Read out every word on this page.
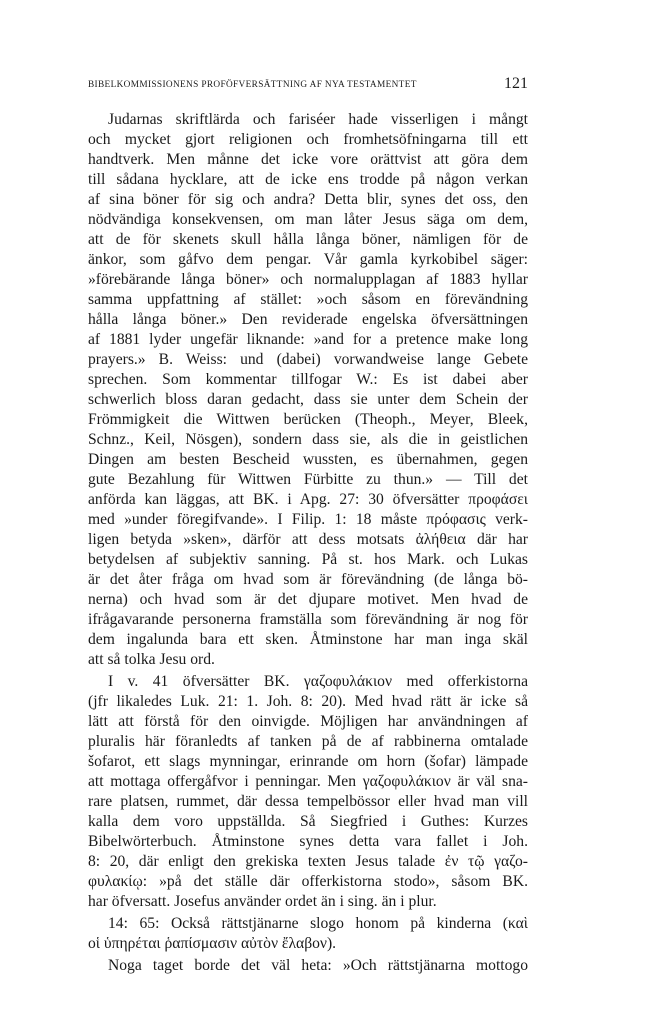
BIBELKOMMISSIONENS PROFÖFVERSÄTTNING AF NYA TESTAMENTET	121
Judarnas skriftlärda och fariséer hade visserligen i mångt
och mycket gjort religionen och fromhetsöfningarna till ett
handtverk. Men månne det icke vore orättvist att göra dem
till sådana hycklare, att de icke ens trodde på någon verkan
af sina böner för sig och andra? Detta blir, synes det oss, den
nödvändiga konsekvensen, om man låter Jesus säga om dem,
att de för skenets skull hålla långa böner, nämligen för de
änkor, som gåfvo dem pengar. Vår gamla kyrkobibel säger:
»förebärande långa böner» och normalupplagan af 1883 hyllar
samma uppfattning af stället: »och såsom en förevändning
hålla långa böner.» Den reviderade engelska öfversättningen
af 1881 lyder ungefär liknande: »and for a pretence make long
prayers.» B. Weiss: und (dabei) vorwandweise lange Gebete
sprechen. Som kommentar tillfogar W.: Es ist dabei aber
schwerlich bloss daran gedacht, dass sie unter dem Schein der
Frömmigkeit die Wittwen berücken (Theoph., Meyer, Bleek,
Schnz., Keil, Nösgen), sondern dass sie, als die in geistlichen
Dingen am besten Bescheid wussten, es übernahmen, gegen
gute Bezahlung für Wittwen Fürbitte zu thun.» — Till det
anförda kan läggas, att BK. i Apg. 27: 30 öfversätter προφάσει
med »under föregifvande». I Filip. 1: 18 måste πρόφασις verk-
ligen betyda »sken», därför att dess motsats ἀλήθεια där har
betydelsen af subjektiv sanning. På st. hos Mark. och Lukas
är det åter fråga om hvad som är förevändning (de långa bö-
nerna) och hvad som är det djupare motivet. Men hvad de
ifrågavarande personerna framställa som förevändning är nog för
dem ingalunda bara ett sken. Åtminstone har man inga skäl
att så tolka Jesu ord.
I v. 41 öfversätter BK. γαζοφυλάκιον med offerkistorna
(jfr likaledes Luk. 21: 1. Joh. 8: 20). Med hvad rätt är icke så
lätt att förstå för den oinvigde. Möjligen har användningen af
pluralis här föranledts af tanken på de af rabbinerna omtalade
šofarot, ett slags mynningar, erinrande om horn (šofar) lämpade
att mottaga offergåfvor i penningar. Men γαζοφυλάκιον är väl sna-
rare platsen, rummet, där dessa tempelbössor eller hvad man vill
kalla dem voro uppställda. Så Siegfried i Guthes: Kurzes
Bibelwörterbuch. Åtminstone synes detta vara fallet i Joh.
8: 20, där enligt den grekiska texten Jesus talade ἐν τῷ γαζο-
φυλακίῳ: »på det ställe där offerkistorna stodo», såsom BK.
har öfversatt. Josefus använder ordet än i sing. än i plur.
14: 65: Också rättstjänarne slogo honom på kinderna (καὶ
οἱ ὑπηρέται ῥαπίσμασιν αὐτὸν ἔλαβον).
Noga taget borde det väl heta: »Och rättstjänarna mottogo
